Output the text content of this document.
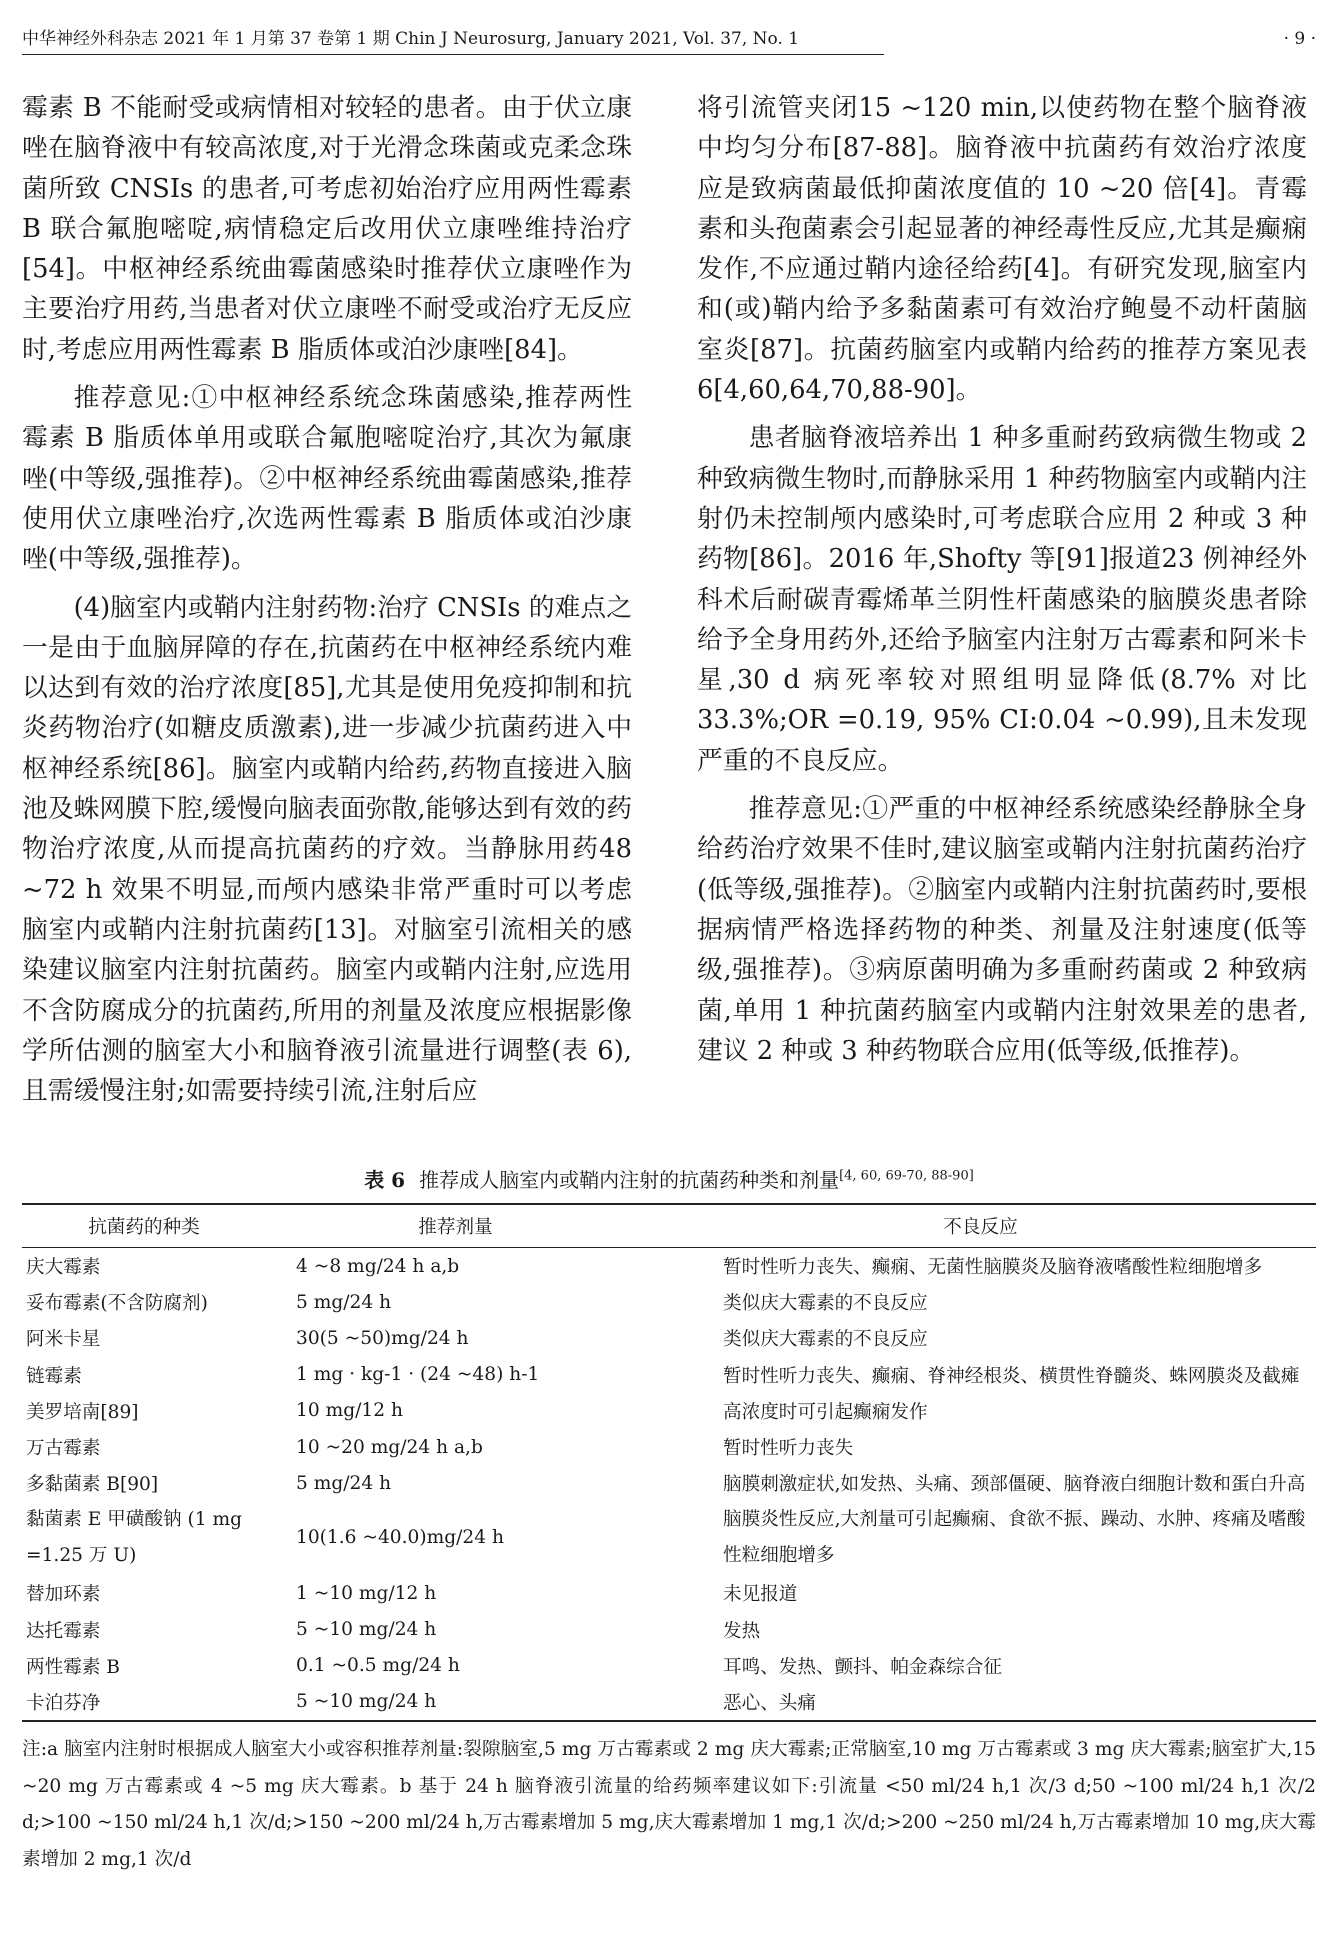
中华神经外科杂志 2021 年 1 月第 37 卷第 1 期 Chin J Neurosurg, January 2021, Vol. 37, No. 1	· 9 ·

霉素 B 不能耐受或病情相对较轻的患者。由于伏立康唑在脑脊液中有较高浓度,对于光滑念珠菌或克柔念珠菌所致 CNSIs 的患者,可考虑初始治疗应用两性霉素 B 联合氟胞嘧啶,病情稳定后改用伏立康唑维持治疗[54]。中枢神经系统曲霉菌感染时推荐伏立康唑作为主要治疗用药,当患者对伏立康唑不耐受或治疗无反应时,考虑应用两性霉素 B 脂质体或泊沙康唑[84]。

推荐意见:①中枢神经系统念珠菌感染,推荐两性霉素 B 脂质体单用或联合氟胞嘧啶治疗,其次为氟康唑(中等级,强推荐)。②中枢神经系统曲霉菌感染,推荐使用伏立康唑治疗,次选两性霉素 B 脂质体或泊沙康唑(中等级,强推荐)。

(4)脑室内或鞘内注射药物:治疗 CNSIs 的难点之一是由于血脑屏障的存在,抗菌药在中枢神经系统内难以达到有效的治疗浓度[85],尤其是使用免疫抑制和抗炎药物治疗(如糖皮质激素),进一步减少抗菌药进入中枢神经系统[86]。脑室内或鞘内给药,药物直接进入脑池及蛛网膜下腔,缓慢向脑表面弥散,能够达到有效的药物治疗浓度,从而提高抗菌药的疗效。当静脉用药48 ~72 h 效果不明显,而颅内感染非常严重时可以考虑脑室内或鞘内注射抗菌药[13]。对脑室引流相关的感染建议脑室内注射抗菌药。脑室内或鞘内注射,应选用不含防腐成分的抗菌药,所用的剂量及浓度应根据影像学所估测的脑室大小和脑脊液引流量进行调整(表 6),且需缓慢注射;如需要持续引流,注射后应

将引流管夹闭15 ~120 min,以使药物在整个脑脊液中均匀分布[87-88]。脑脊液中抗菌药有效治疗浓度应是致病菌最低抑菌浓度值的 10 ~20 倍[4]。青霉素和头孢菌素会引起显著的神经毒性反应,尤其是癫痫发作,不应通过鞘内途径给药[4]。有研究发现,脑室内和(或)鞘内给予多黏菌素可有效治疗鲍曼不动杆菌脑室炎[87]。抗菌药脑室内或鞘内给药的推荐方案见表 6[4,60,64,70,88-90]。

患者脑脊液培养出 1 种多重耐药致病微生物或 2 种致病微生物时,而静脉采用 1 种药物脑室内或鞘内注射仍未控制颅内感染时,可考虑联合应用 2 种或 3 种药物[86]。2016 年,Shofty 等[91]报道23 例神经外科术后耐碳青霉烯革兰阴性杆菌感染的脑膜炎患者除给予全身用药外,还给予脑室内注射万古霉素和阿米卡星,30 d 病死率较对照组明显降低(8.7% 对比 33.3%;OR =0.19, 95% CI:0.04 ~0.99),且未发现严重的不良反应。

推荐意见:①严重的中枢神经系统感染经静脉全身给药治疗效果不佳时,建议脑室或鞘内注射抗菌药治疗(低等级,强推荐)。②脑室内或鞘内注射抗菌药时,要根据病情严格选择药物的种类、剂量及注射速度(低等级,强推荐)。③病原菌明确为多重耐药菌或 2 种致病菌,单用 1 种抗菌药脑室内或鞘内注射效果差的患者,建议 2 种或 3 种药物联合应用(低等级,低推荐)。

表 6 推荐成人脑室内或鞘内注射的抗菌药种类和剂量[4, 60, 69-70, 88-90]
抗菌药的种类	推荐剂量	不良反应
庆大霉素	4 ~8 mg/24 h a,b	暂时性听力丧失、癫痫、无菌性脑膜炎及脑脊液嗜酸性粒细胞增多
妥布霉素(不含防腐剂)	5 mg/24 h	类似庆大霉素的不良反应
阿米卡星	30(5 ~50)mg/24 h	类似庆大霉素的不良反应
链霉素	1 mg · kg-1 · (24 ~48) h-1	暂时性听力丧失、癫痫、脊神经根炎、横贯性脊髓炎、蛛网膜炎及截瘫
美罗培南[89]	10 mg/12 h	高浓度时可引起癫痫发作
万古霉素	10 ~20 mg/24 h a,b	暂时性听力丧失
多黏菌素 B[90]	5 mg/24 h	脑膜刺激症状,如发热、头痛、颈部僵硬、脑脊液白细胞计数和蛋白升高
黏菌素 E 甲磺酸钠 (1 mg =1.25 万 U)	10(1.6 ~40.0)mg/24 h	脑膜炎性反应,大剂量可引起癫痫、食欲不振、躁动、水肿、疼痛及嗜酸性粒细胞增多
替加环素	1 ~10 mg/12 h	未见报道
达托霉素	5 ~10 mg/24 h	发热
两性霉素 B	0.1 ~0.5 mg/24 h	耳鸣、发热、颤抖、帕金森综合征
卡泊芬净	5 ~10 mg/24 h	恶心、头痛
注:a 脑室内注射时根据成人脑室大小或容积推荐剂量:裂隙脑室,5 mg 万古霉素或 2 mg 庆大霉素;正常脑室,10 mg 万古霉素或 3 mg 庆大霉素;脑室扩大,15 ~20 mg 万古霉素或 4 ~5 mg 庆大霉素。b 基于 24 h 脑脊液引流量的给药频率建议如下:引流量 <50 ml/24 h,1 次/3 d;50 ~100 ml/24 h,1 次/2 d;>100 ~150 ml/24 h,1 次/d;>150 ~200 ml/24 h,万古霉素增加 5 mg,庆大霉素增加 1 mg,1 次/d;>200 ~250 ml/24 h,万古霉素增加 10 mg,庆大霉素增加 2 mg,1 次/d
